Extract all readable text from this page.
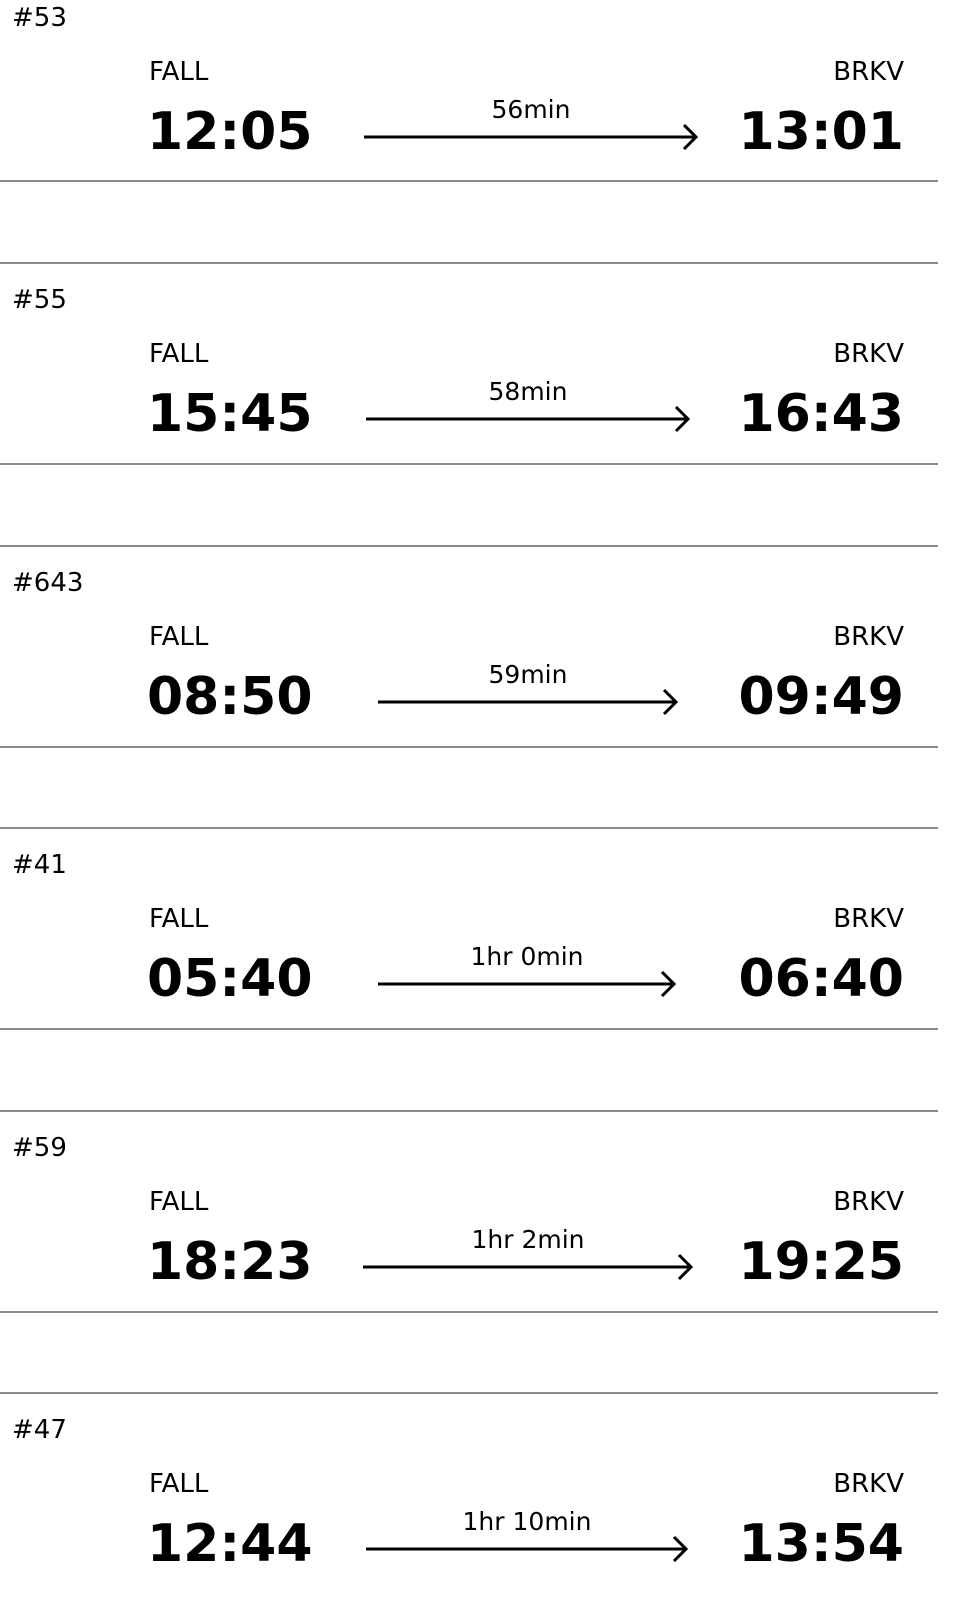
#53
FALL	BRKV
12:05	13:01
56min
#55
FALL	BRKV
15:45	16:43
58min
#643
FALL	BRKV
08:50	09:49
59min
#41
FALL	BRKV
05:40	06:40
1hr 0min
#59
FALL	BRKV
18:23	19:25
1hr 2min
#47
FALL	BRKV
12:44	13:54
1hr 10min
